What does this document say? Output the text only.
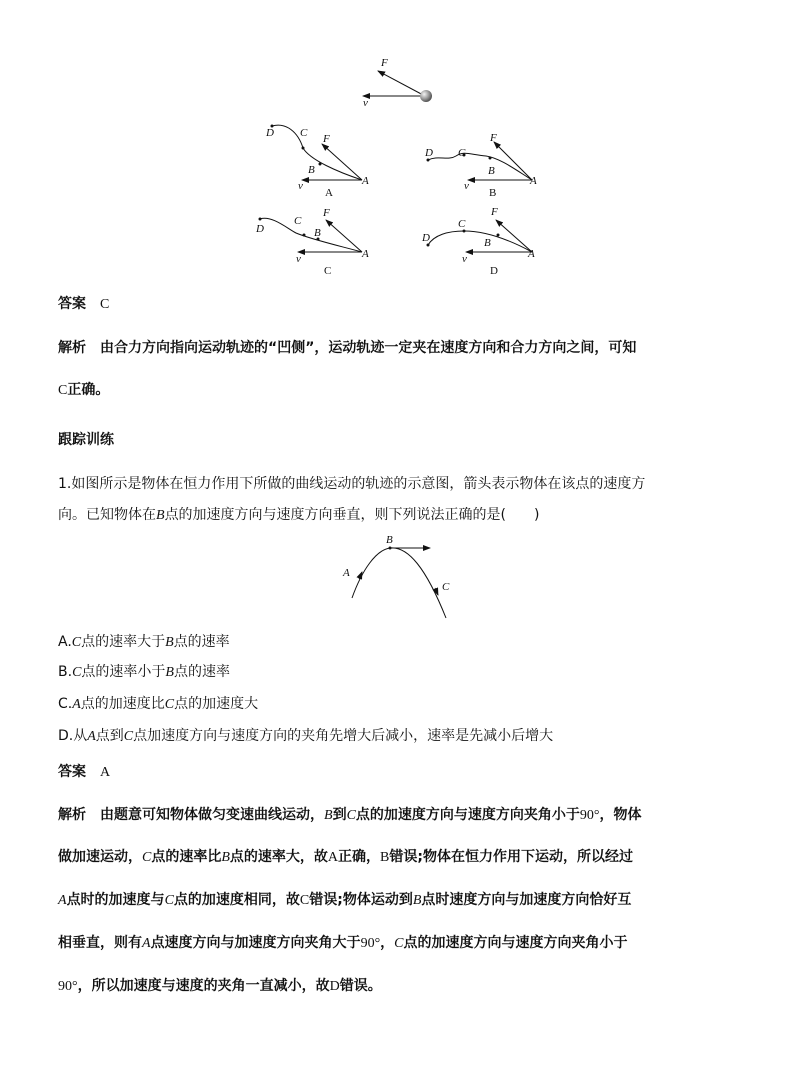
F
v
D C
B
A
F
v
A
D C
B
A
F
v
B
D
C
B
A
F
v
C
D
C
B
A
F
v
D
答案 C
解析 由合力方向指向运动轨迹的“凹侧”，运动轨迹一定夹在速度方向和合力方向之间，可知
C正确。
跟踪训练
1.如图所示是物体在恒力作用下所做的曲线运动的轨迹的示意图，箭头表示物体在该点的速度方
向。已知物体在B点的加速度方向与速度方向垂直，则下列说法正确的是(　　)
A
B
C
A.C点的速率大于B点的速率
B.C点的速率小于B点的速率
C.A点的加速度比C点的加速度大
D.从A点到C点加速度方向与速度方向的夹角先增大后减小，速率是先减小后增大
答案 A
解析 由题意可知物体做匀变速曲线运动，B到C点的加速度方向与速度方向夹角小于90°，物体
做加速运动，C点的速率比B点的速率大，故A正确，B错误;物体在恒力作用下运动，所以经过
A点时的加速度与C点的加速度相同，故C错误;物体运动到B点时速度方向与加速度方向恰好互
相垂直，则有A点速度方向与加速度方向夹角大于90°，C点的加速度方向与速度方向夹角小于
90°，所以加速度与速度的夹角一直减小，故D错误。
